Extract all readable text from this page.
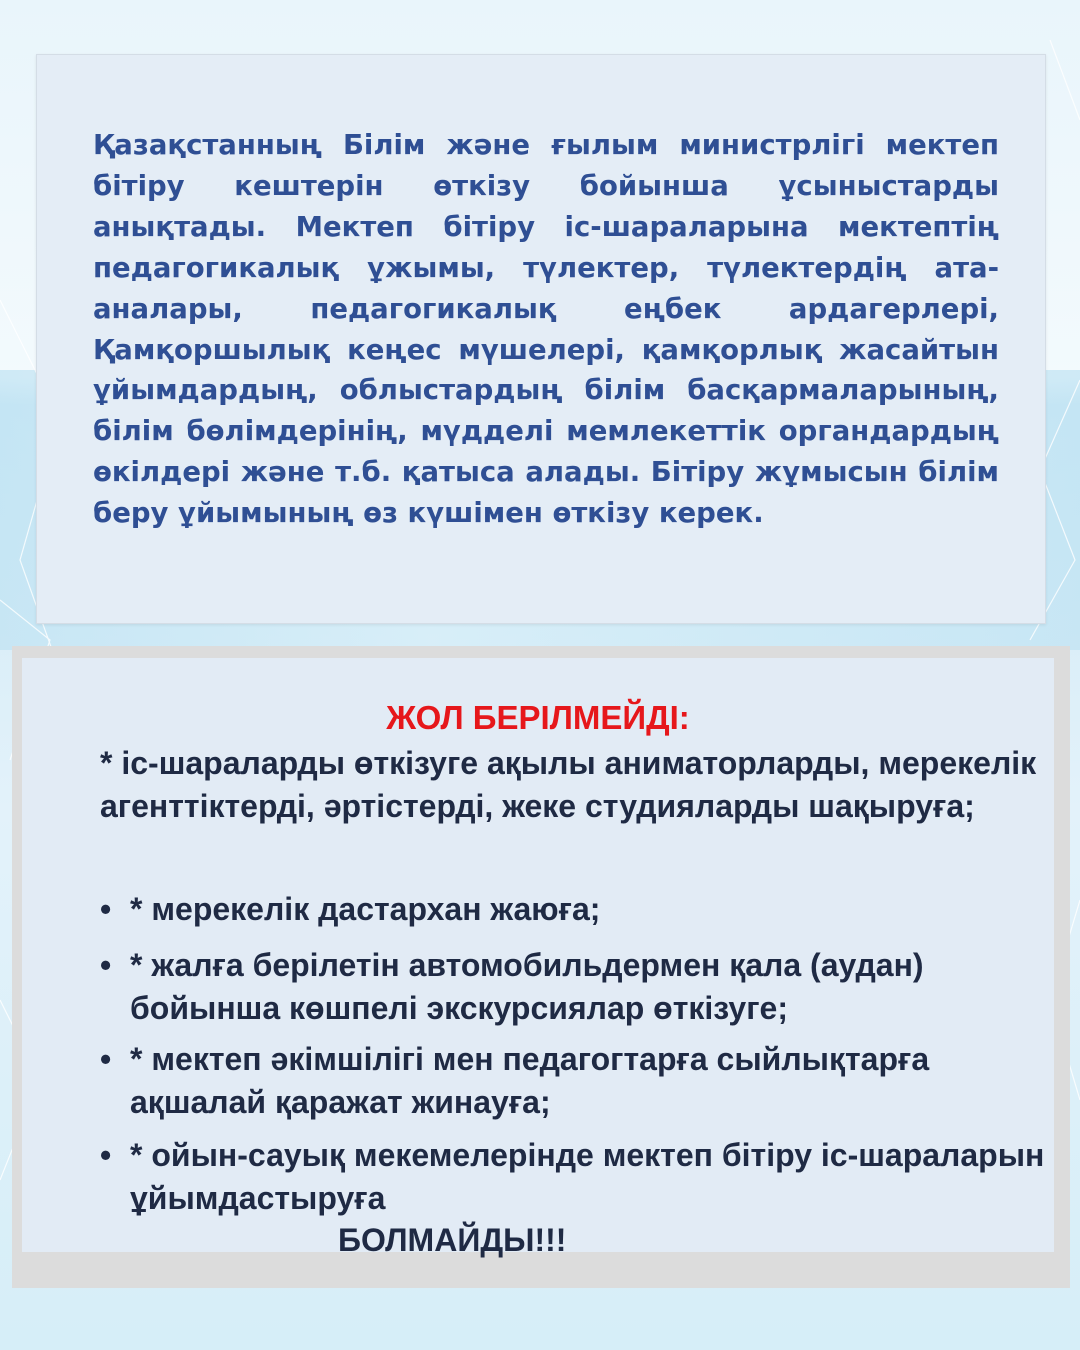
Қазақстанның Білім және ғылым министрлігі мектеп бітіру кештерін өткізу бойынша ұсыныстарды анықтады. Мектеп бітіру іс-шараларына мектептің педагогикалық ұжымы, түлектер, түлектердің ата-аналары, педагогикалық еңбек ардагерлері, Қамқоршылық кеңес мүшелері, қамқорлық жасайтын ұйымдардың, облыстардың білім басқармаларының, білім бөлімдерінің, мүдделі мемлекеттік органдардың өкілдері және т.б. қатыса алады. Бітіру жұмысын білім беру ұйымының өз күшімен өткізу керек.

ЖОЛ БЕРІЛМЕЙДІ:

* іс-шараларды өткізуге ақылы аниматорларды, мерекелік агенттіктерді, әртістерді, жеке студияларды шақыруға;

• * мерекелік дастархан жаюға;
• * жалға берілетін автомобильдермен қала (аудан) бойынша көшпелі экскурсиялар өткізуге;
• * мектеп әкімшілігі мен педагогтарға сыйлықтарға ақшалай қаражат жинауға;
• * ойын-сауық мекемелерінде мектеп бітіру іс-шараларын ұйымдастыруға
БОЛМАЙДЫ!!!
